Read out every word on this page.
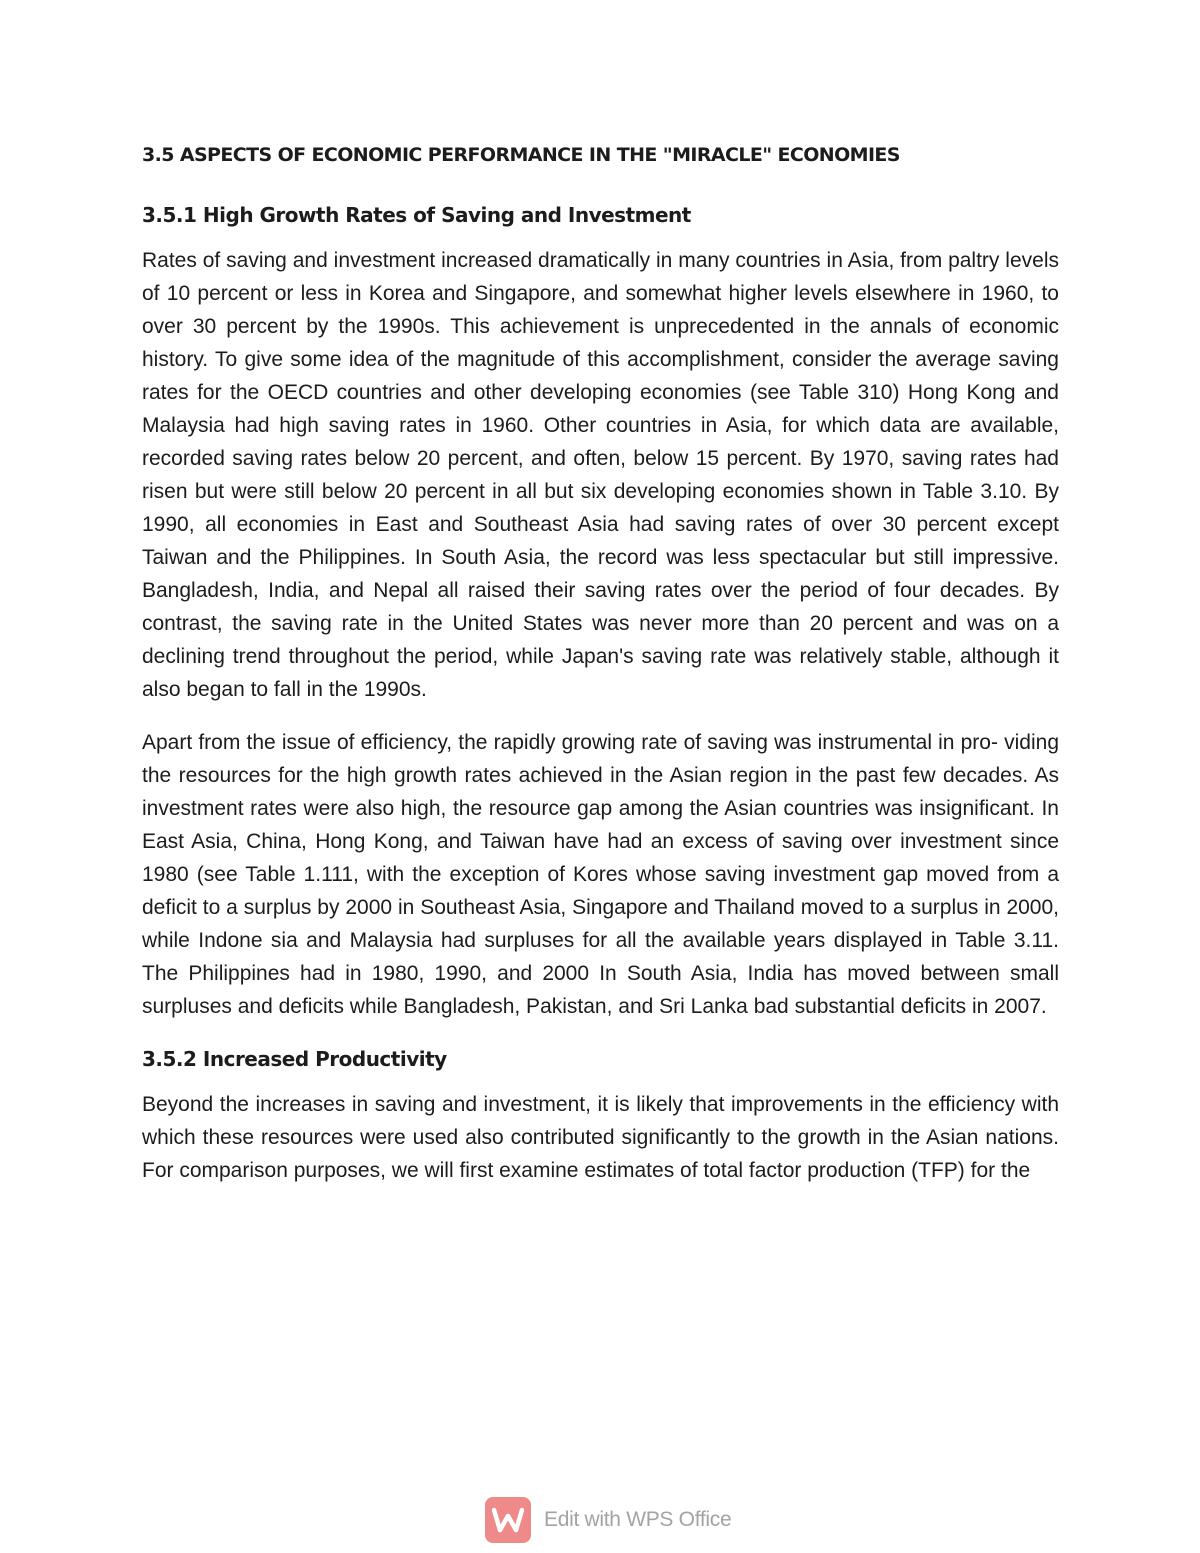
3.5 ASPECTS OF ECONOMIC PERFORMANCE IN THE "MIRACLE" ECONOMIES
3.5.1 High Growth Rates of Saving and Investment

Rates of saving and investment increased dramatically in many countries in Asia, from paltry levels of 10 percent or less in Korea and Singapore, and somewhat higher levels elsewhere in 1960, to over 30 percent by the 1990s. This achievement is unprecedented in the annals of economic history. To give some idea of the magnitude of this accomplishment, consider the average saving rates for the OECD countries and other developing economies (see Table 310) Hong Kong and Malaysia had high saving rates in 1960. Other countries in Asia, for which data are available, recorded saving rates below 20 percent, and often, below 15 percent. By 1970, saving rates had risen but were still below 20 percent in all but six developing economies shown in Table 3.10. By 1990, all economies in East and Southeast Asia had saving rates of over 30 percent except Taiwan and the Philippines. In South Asia, the record was less spectacular but still impressive. Bangladesh, India, and Nepal all raised their saving rates over the period of four decades. By contrast, the saving rate in the United States was never more than 20 percent and was on a declining trend throughout the period, while Japan's saving rate was relatively stable, although it also began to fall in the 1990s.

Apart from the issue of efficiency, the rapidly growing rate of saving was instrumental in pro- viding the resources for the high growth rates achieved in the Asian region in the past few decades. As investment rates were also high, the resource gap among the Asian countries was insignificant. In East Asia, China, Hong Kong, and Taiwan have had an excess of saving over investment since 1980 (see Table 1.111, with the exception of Kores whose saving investment gap moved from a deficit to a surplus by 2000 in Southeast Asia, Singapore and Thailand moved to a surplus in 2000, while Indone sia and Malaysia had surpluses for all the available years displayed in Table 3.11. The Philippines had in 1980, 1990, and 2000 In South Asia, India has moved between small surpluses and deficits while Bangladesh, Pakistan, and Sri Lanka bad substantial deficits in 2007.

3.5.2 Increased Productivity

Beyond the increases in saving and investment, it is likely that improvements in the efficiency with which these resources were used also contributed significantly to the growth in the Asian nations. For comparison purposes, we will first examine estimates of total factor production (TFP) for the

Edit with WPS Office
